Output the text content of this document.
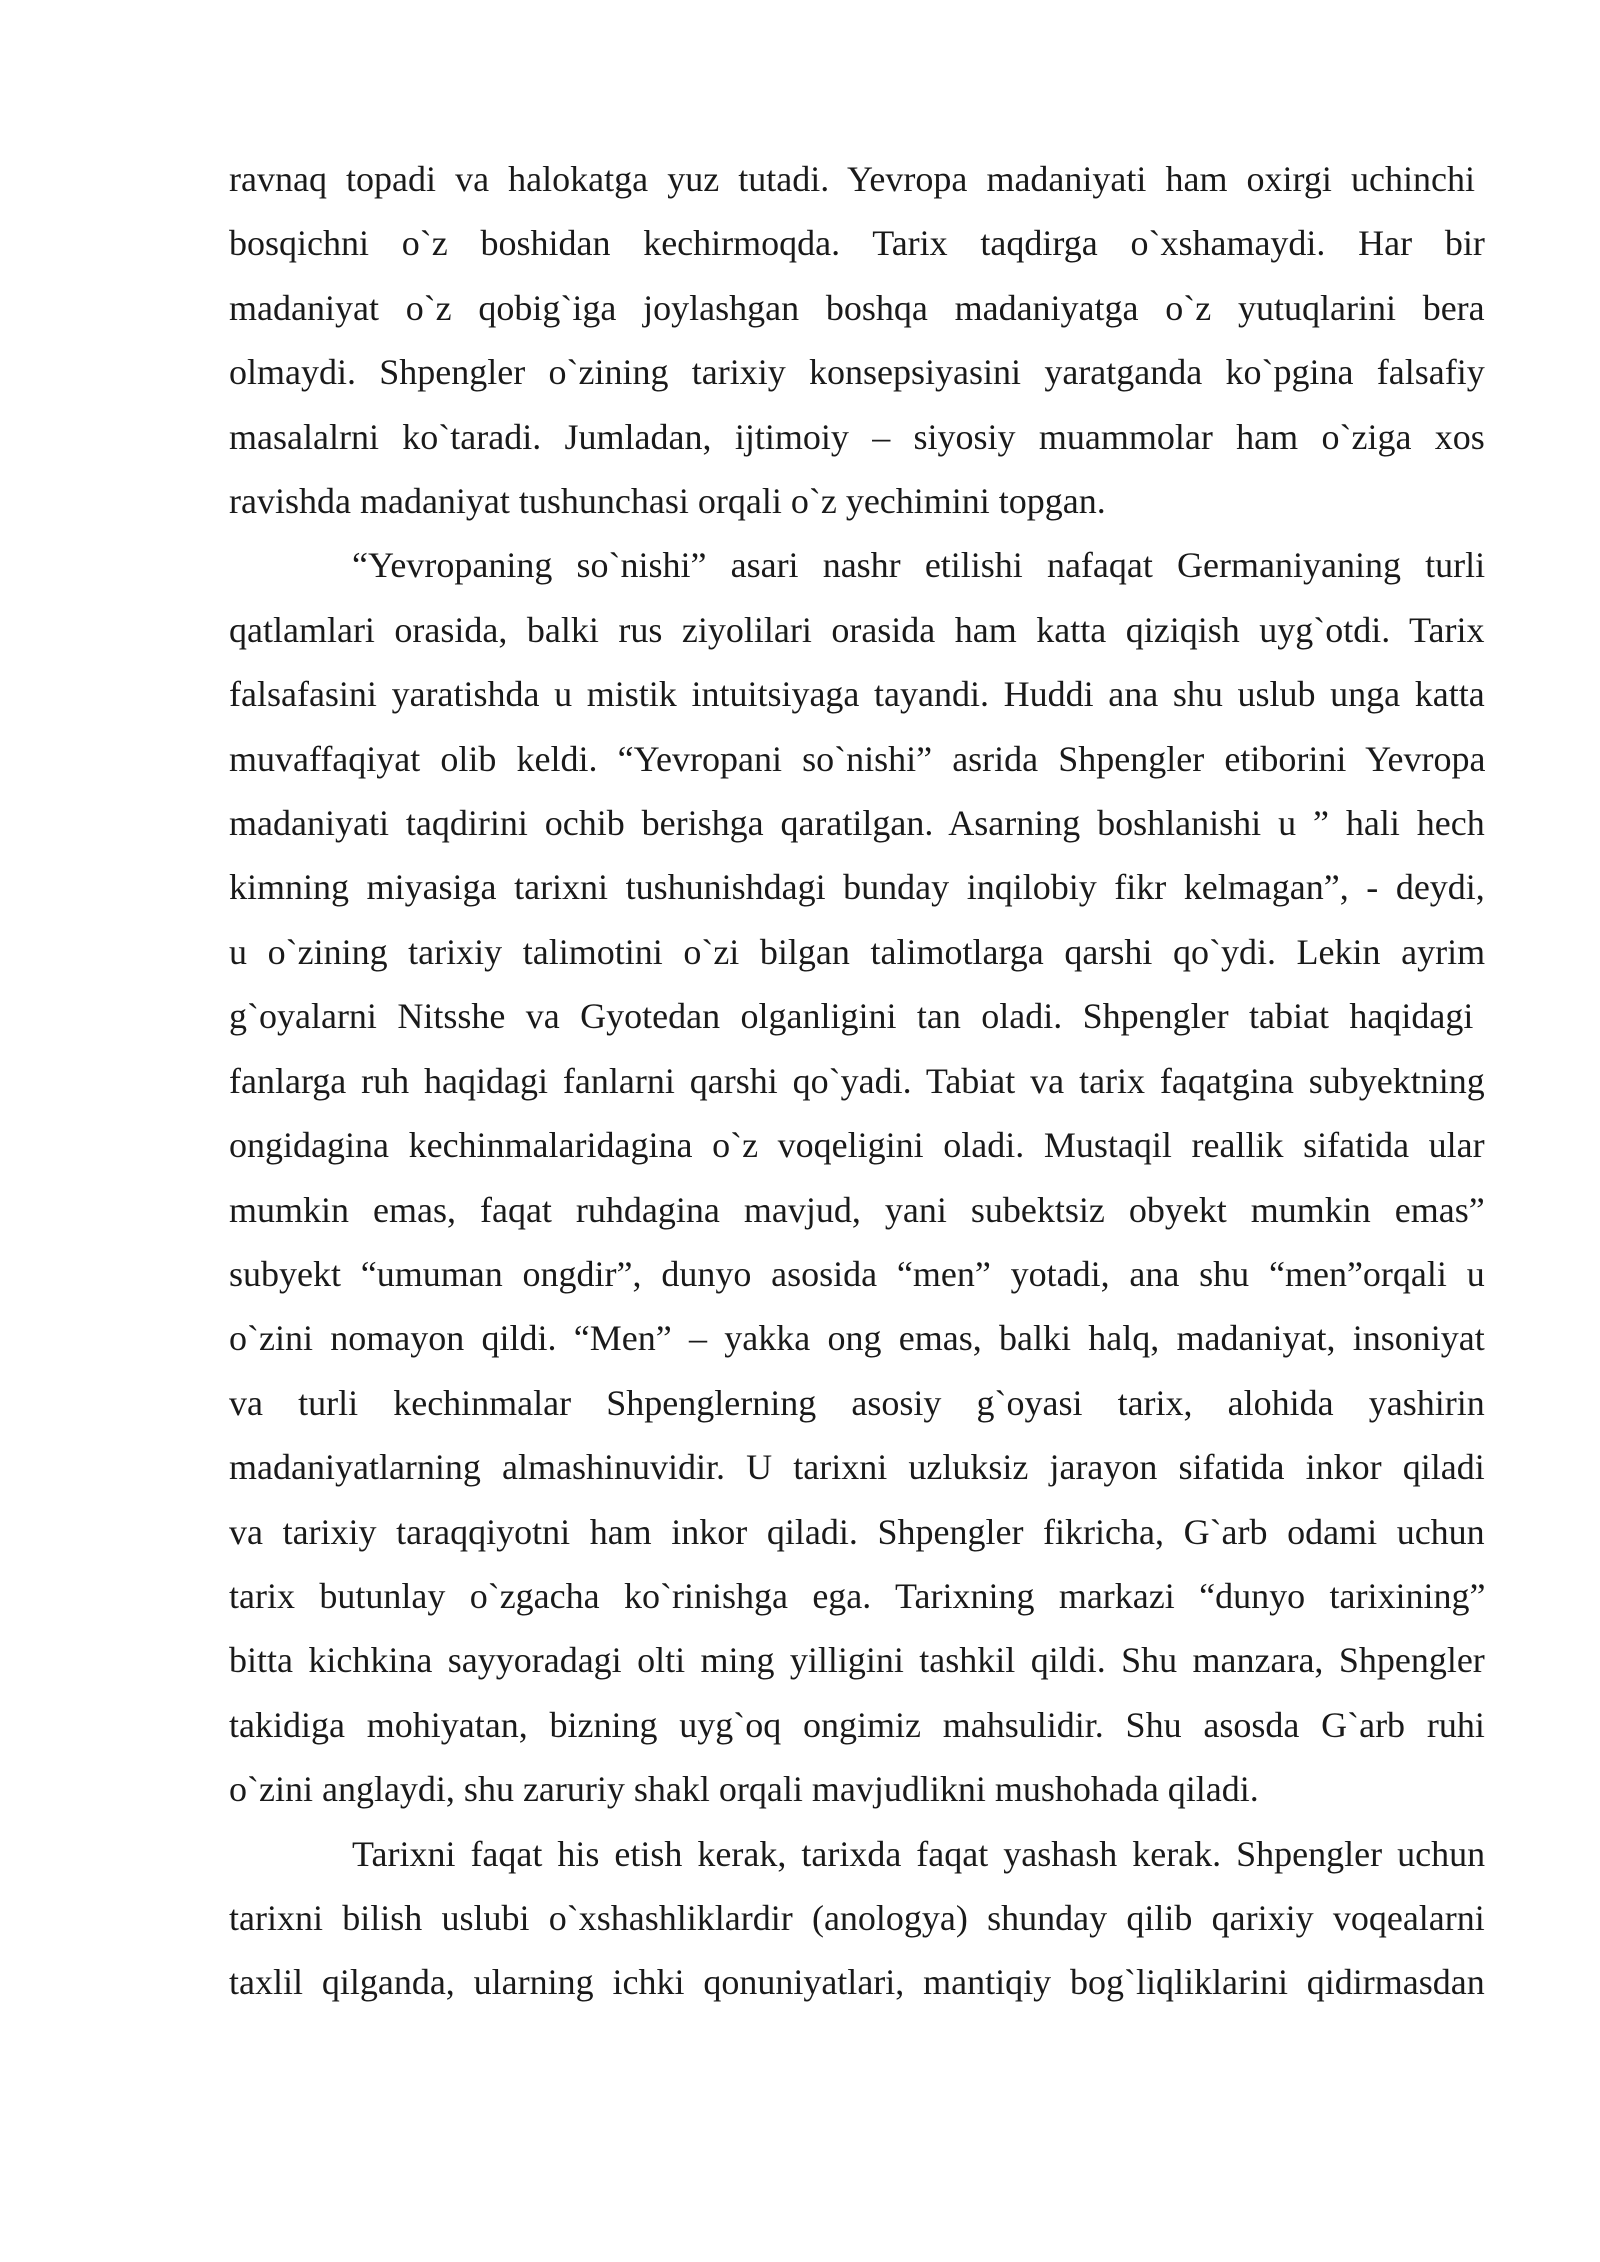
ravnaq topadi va halokatga yuz tutadi. Yevropa madaniyati ham oxirgi uchinchi
bosqichni o`z boshidan kechirmoqda. Tarix taqdirga o`xshamaydi. Har bir
madaniyat o`z qobig`iga joylashgan boshqa madaniyatga o`z yutuqlarini bera
olmaydi. Shpengler o`zining tarixiy konsepsiyasini yaratganda ko`pgina falsafiy
masalalrni ko`taradi. Jumladan, ijtimoiy – siyosiy muammolar ham o`ziga xos
ravishda madaniyat tushunchasi orqali o`z yechimini topgan.
“Yevropaning so`nishi” asari nashr etilishi nafaqat Germaniyaning turli
qatlamlari orasida, balki rus ziyolilari orasida ham katta qiziqish uyg`otdi. Tarix
falsafasini yaratishda u mistik intuitsiyaga tayandi. Huddi ana shu uslub unga katta
muvaffaqiyat olib keldi. “Yevropani so`nishi” asrida Shpengler etiborini Yevropa
madaniyati taqdirini ochib berishga qaratilgan. Asarning boshlanishi u ” hali hech
kimning miyasiga tarixni tushunishdagi bunday inqilobiy fikr kelmagan”, - deydi,
u o`zining tarixiy talimotini o`zi bilgan talimotlarga qarshi qo`ydi. Lekin ayrim
g`oyalarni Nitsshe va Gyotedan olganligini tan oladi. Shpengler tabiat haqidagi
fanlarga ruh haqidagi fanlarni qarshi qo`yadi. Tabiat va tarix faqatgina subyektning
ongidagina kechinmalaridagina o`z voqeligini oladi. Mustaqil reallik sifatida ular
mumkin emas, faqat ruhdagina mavjud, yani subektsiz obyekt mumkin emas”
subyekt “umuman ongdir”, dunyo asosida “men” yotadi, ana shu “men”orqali u
o`zini nomayon qildi. “Men” – yakka ong emas, balki halq, madaniyat, insoniyat
va turli kechinmalar Shpenglerning asosiy g`oyasi tarix, alohida yashirin
madaniyatlarning almashinuvidir. U tarixni uzluksiz jarayon sifatida inkor qiladi
va tarixiy taraqqiyotni ham inkor qiladi. Shpengler fikricha, G`arb odami uchun
tarix butunlay o`zgacha ko`rinishga ega. Tarixning markazi “dunyo tarixining”
bitta kichkina sayyoradagi olti ming yilligini tashkil qildi. Shu manzara, Shpengler
takidiga mohiyatan, bizning uyg`oq ongimiz mahsulidir. Shu asosda G`arb ruhi
o`zini anglaydi, shu zaruriy shakl orqali mavjudlikni mushohada qiladi.
Tarixni faqat his etish kerak, tarixda faqat yashash kerak. Shpengler uchun
tarixni bilish uslubi o`xshashliklardir (anologya) shunday qilib qarixiy voqealarni
taxlil qilganda, ularning ichki qonuniyatlari, mantiqiy bog`liqliklarini qidirmasdan
